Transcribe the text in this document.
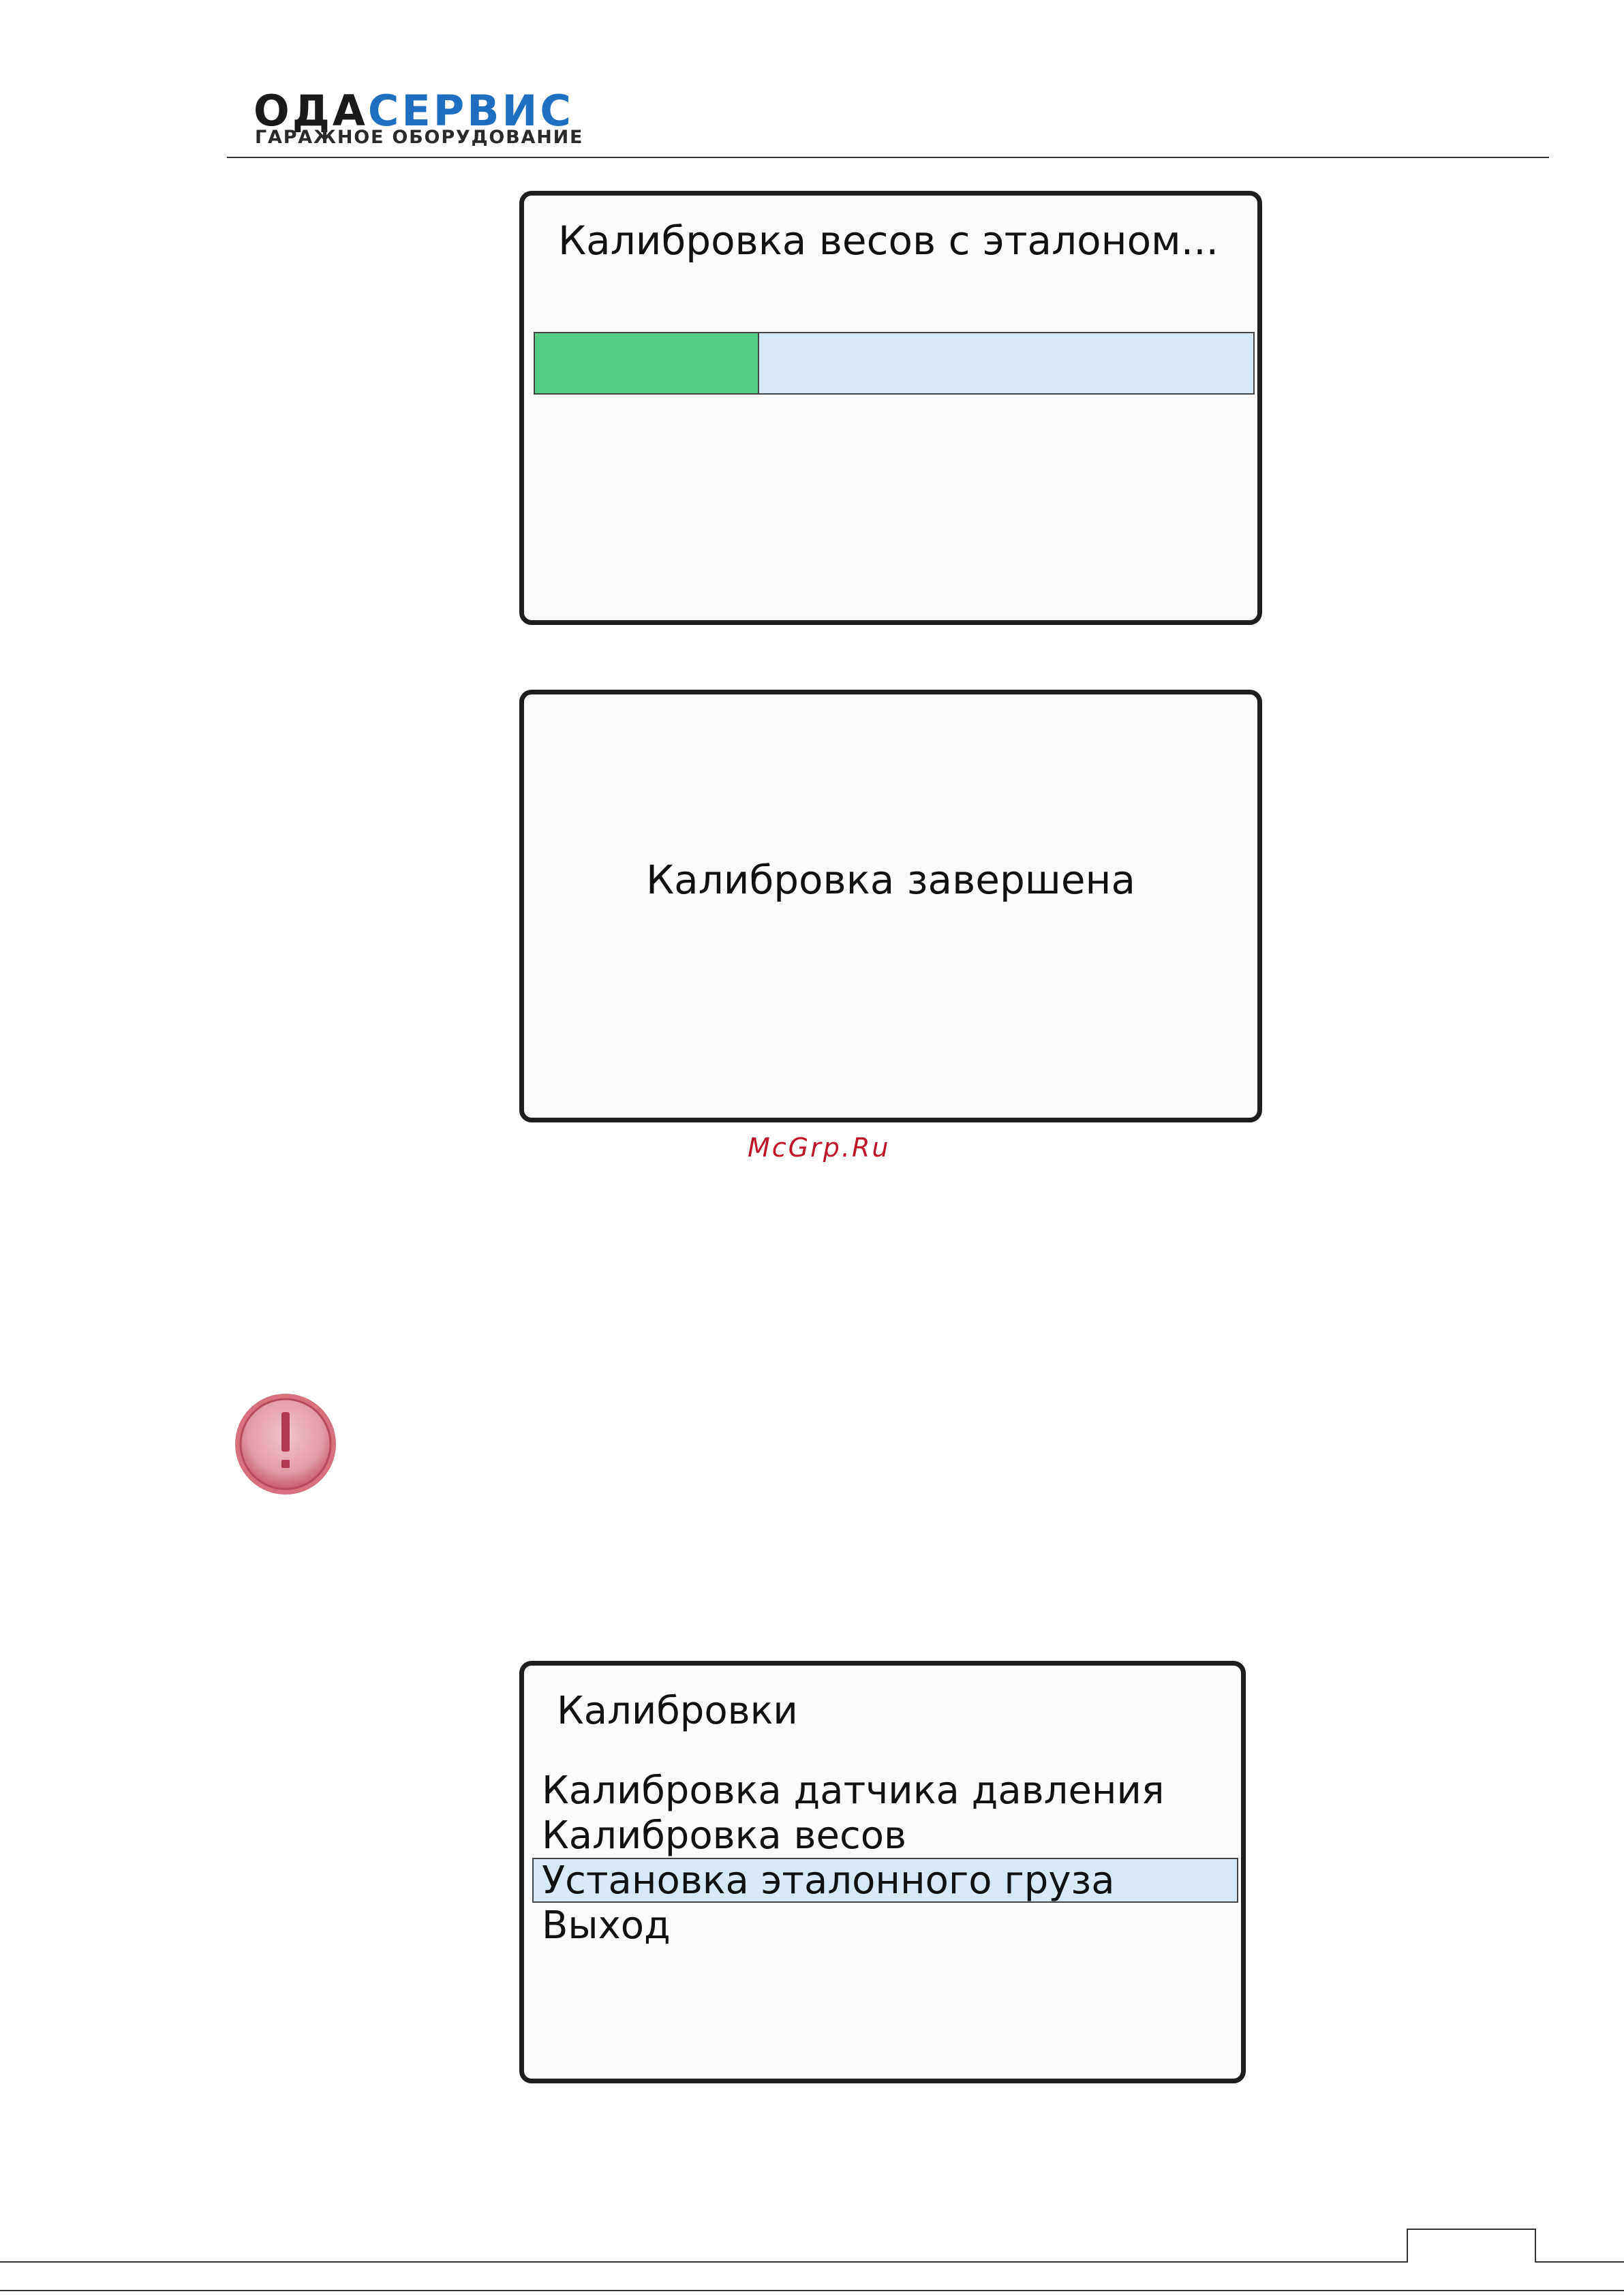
ОДАСЕРВИС
ГАРАЖНОЕ ОБОРУДОВАНИЕ
Калибровка весов с эталоном...
Калибровка завершена
McGrp.Ru
Калибровки
Калибровка датчика давления
Калибровка весов
Установка эталонного груза
Выход
